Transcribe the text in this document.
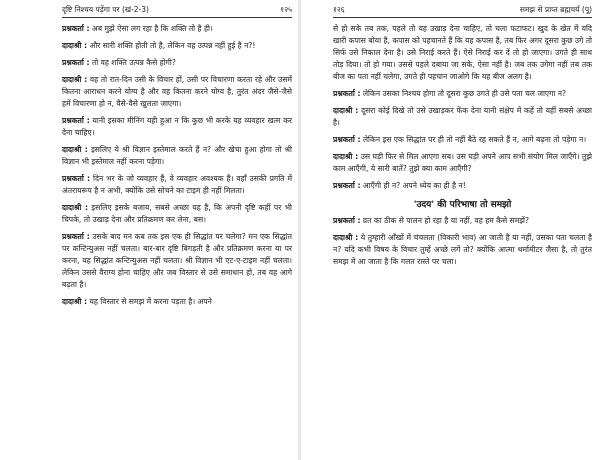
दृष्टि निश्चय पड़ेंगा पर (खं-2-3)	१२५

प्रश्नकर्ता : अब मुझे ऐसा लग रहा है कि शक्ति तो है ही।

दादाश्री : और सारी शक्ति होती तो है, लेकिन वह उत्पन्न नहीं हुई है न?!

प्रश्नकर्ता : तो वह शक्ति उत्पन्न कैसे होगी?

दादाश्री : वह तो रात-दिन उसी के विचार हों, उसी पर विचारणा करता रहे और उसमें कितना आराधन करने योग्य है और वह कितना करने योग्य है, तुरंत अंदर जैसे-जैसे हमें विचारणा हो न, वैसे-वैसे खुलता जाएगा।

प्रश्नकर्ता : यानी इसका मीनिंग यही हुआ न कि कुछ भी करके यह व्यवहार खत्म कर देना चाहिए।

दादाश्री : इसलिए ये श्री विज्ञान इस्तेमाल करते हैं न? और खेचा हुआ होगा तो श्री विज्ञान भी इस्तेमाल नहीं करना पड़ेगा।

प्रश्नकर्ता : दिन भर के जो व्यवहार हैं, वे व्यवहार अवश्यक हैं। वहाँ उसकी प्रगति में अंतरायरूप है न अभी, क्योंकि उसे सोचने का टाइम ही नहीं मिलता।

दादाश्री : इसलिए इसके बजाय, सबसे अच्छा यह है, कि अपनी दृष्टि कहीं पर भी चिपके, तो उखाड़ देना और प्रतिक्रमण कर लेना, बस।

प्रश्नकर्ता : उसके बाद मन कब तक इस एक ही सिद्धांत पर चलेगा? मन एक सिद्धांत पर कन्टिन्युअस नहीं चलता। बार-बार दृष्टि बिगड़ती है और प्रतिक्रमण करना या पर करना, यह सिद्धांत कन्टिन्युअस नहीं चलता। श्री विज्ञान भी एट-ए-टाइम नहीं चलता। लेकिन उससे वैराग्य होना चाहिए और जब विस्तार से उसे समाधान हो, तब वह आगे बढ़ता है।

दादाश्री : यह विस्तार से समझ में करना पड़ता है। अपने

१२६	समझ से प्राप्त ब्रह्मचर्य (पू)

से हो सके तब तक, पहले तो यह उखाड़ देना चाहिए, तो चला फटाफट। खुद के खेत में यदि खारी कपास बोया है, कपास को पहचानते हैं कि यह कपास है, तब फिर अगर दूसरा कुछ उगे तो सिर्फ उसे निकाल देना है। उसे निराई करते हैं। ऐसे निराई कर दें तो हो जाएगा। उगते ही साथ तोड़ दिया। तो हो गया। उससे पहले दबाया जा सके, ऐसा नहीं है। जब तक उगेगा नहीं तब तक बीज का पता नहीं चलेगा, उगते ही पहचान जाओगे कि यह बीज अलग है।

प्रश्नकर्ता : लेकिन उसका निश्चय होगा तो दूसरा कुछ उगते ही उसे पता चल जाएगा न?

दादाश्री : दूसरा कोई दिखे तो उसे उखाड़कर फेंक देना यानी संक्षेप में कहें तो यहीं सबसे अच्छा है।

प्रश्नकर्ता : लेकिन इस एक सिद्धांत पर ही तो नहीं बैठे रह सकते हैं न, आगे बढ़ना तो पड़ेगा न।

दादाश्री : उस घड़ी फिर से मिल आएगा सब। उस घड़ी अपने आप सभी संयोग मिल जाएँगे। तुझे काम आएँगी, ये सारी बातें? तुझे क्या काम आएँगी?

प्रश्नकर्ता : आएँगी ही न? अपने ध्येय का ही है न!

'उदय' की परिभाषा तो समझो

प्रश्नकर्ता : व्रत का ठीक से पालन हो रहा है या नहीं, वह हम कैसे समझें?

दादाश्री : ये तुम्हारी आँखों में चंचलता (विकारी भाव) आ जाती है या नहीं, उसका पता चलता है न? यदि कभी विषय के विचार तुम्हें अच्छे लगें तो? क्योंकि आत्मा थर्मामीटर जैसा है, तो तुरंत समझ में आ जाता है कि गलत रास्ते पर चला।
